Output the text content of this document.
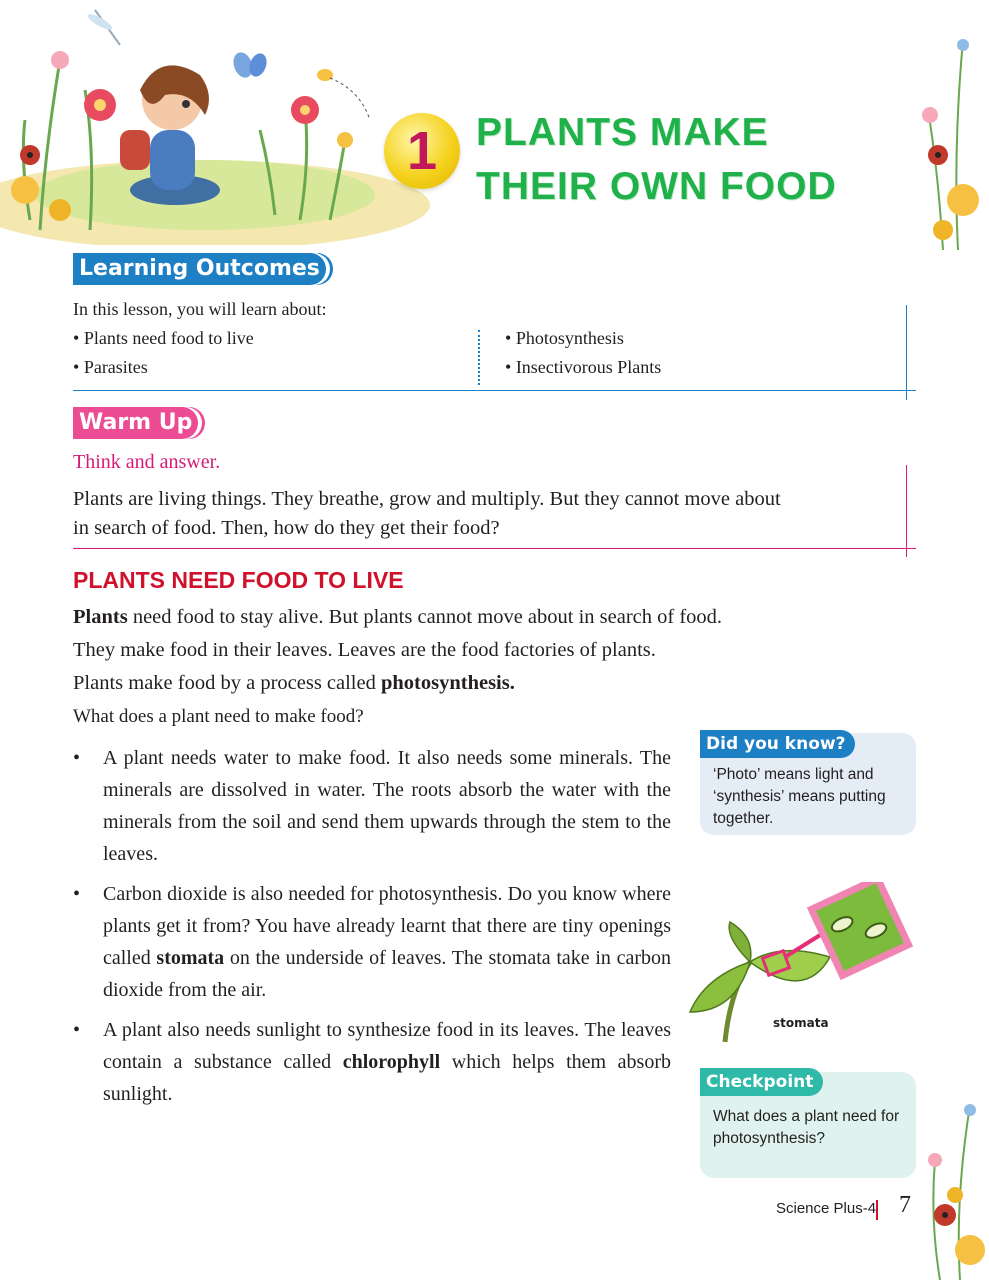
1 PLANTS MAKE
THEIR OWN FOOD
Learning Outcomes
In this lesson, you will learn about:
• Plants need food to live
• Parasites
• Photosynthesis
• Insectivorous Plants
Warm Up
Think and answer.
Plants are living things. They breathe, grow and multiply. But they cannot move about
in search of food. Then, how do they get their food?
PLANTS NEED FOOD TO LIVE
Plants need food to stay alive. But plants cannot move about in search of food.
They make food in their leaves. Leaves are the food factories of plants.
Plants make food by a process called photosynthesis.
What does a plant need to make food?
• A plant needs water to make food. It also needs some minerals. The minerals are dissolved in water. The roots absorb the water with the minerals from the soil and send them upwards through the stem to the leaves.
• Carbon dioxide is also needed for photosynthesis. Do you know where plants get it from? You have already learnt that there are tiny openings called stomata on the underside of leaves. The stomata take in carbon dioxide from the air.
• A plant also needs sunlight to synthesize food in its leaves. The leaves contain a substance called chlorophyll which helps them absorb sunlight.
Did you know?
‘Photo’ means light and ‘synthesis’ means putting together.
stomata
Checkpoint
What does a plant need for photosynthesis?
Science Plus-4 7
